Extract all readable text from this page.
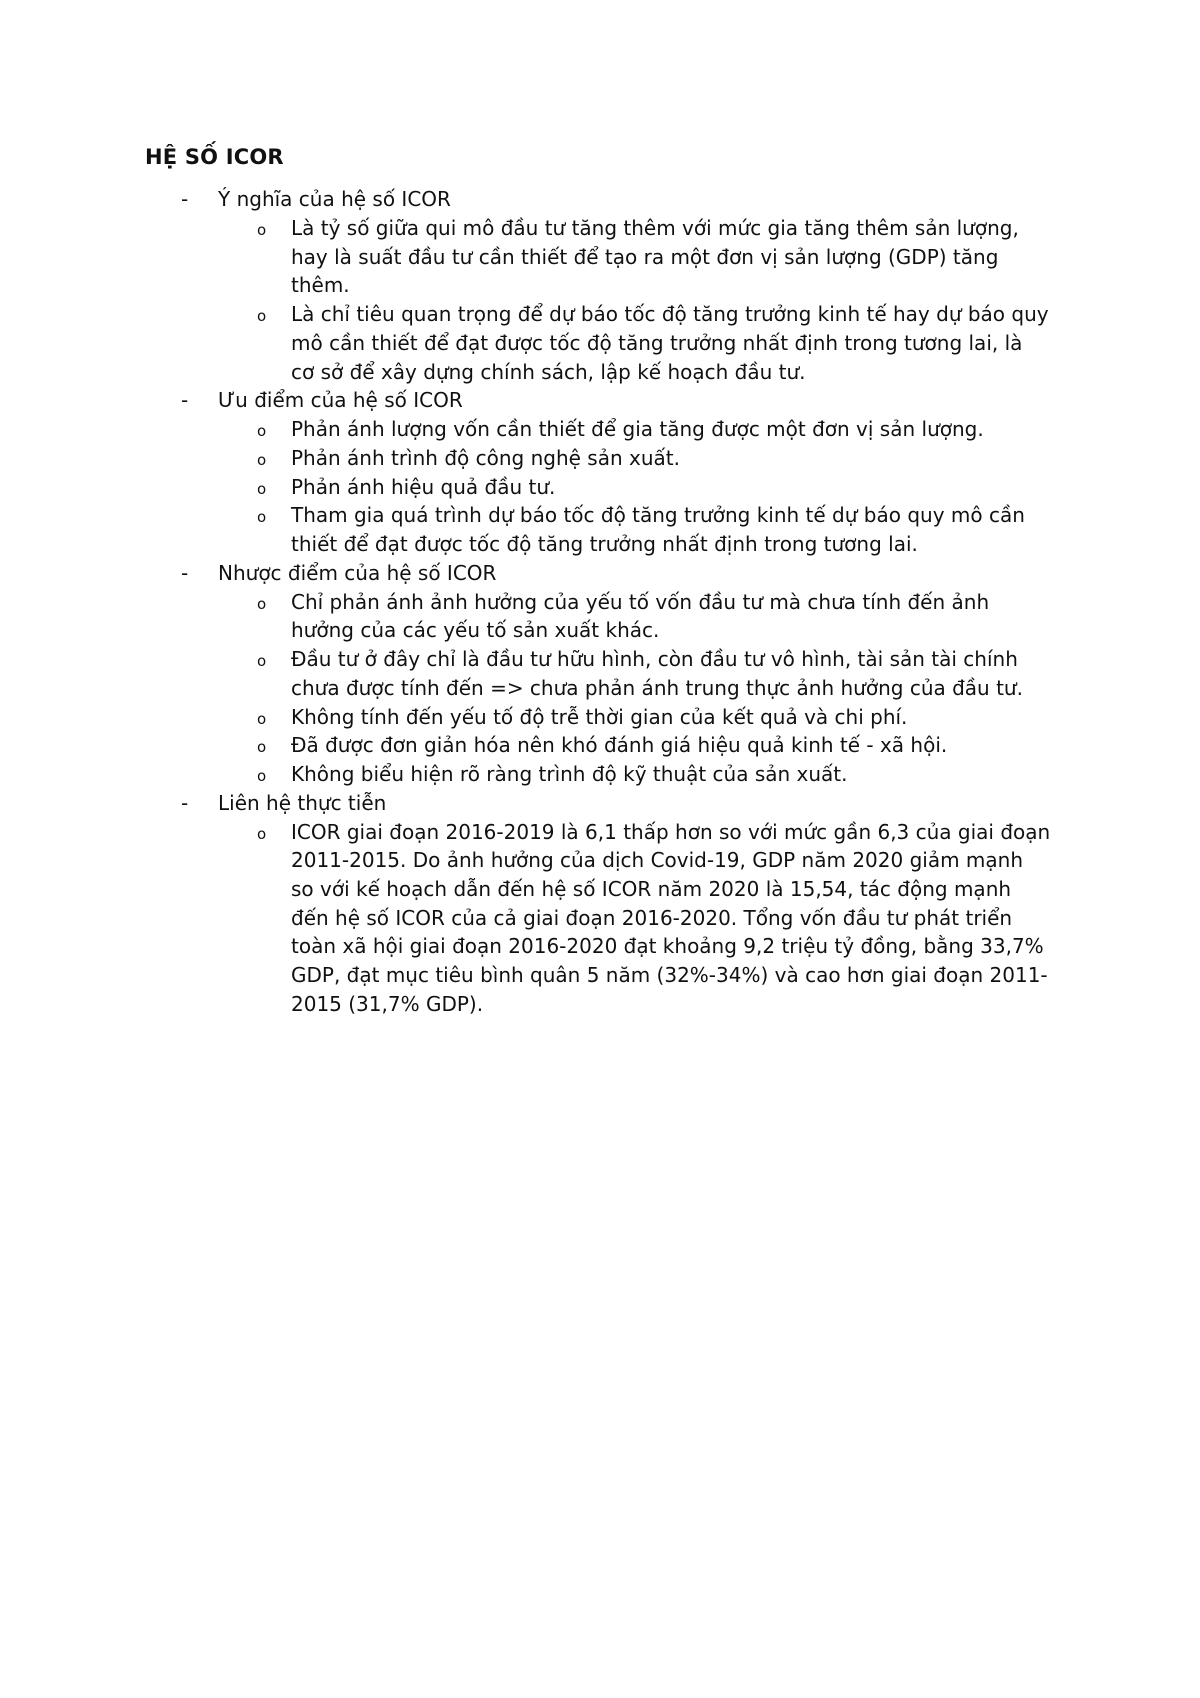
HỆ SỐ ICOR
- Ý nghĩa của hệ số ICOR
o Là tỷ số giữa qui mô đầu tư tăng thêm với mức gia tăng thêm sản lượng, hay là suất đầu tư cần thiết để tạo ra một đơn vị sản lượng (GDP) tăng thêm.
o Là chỉ tiêu quan trọng để dự báo tốc độ tăng trưởng kinh tế hay dự báo quy mô cần thiết để đạt được tốc độ tăng trưởng nhất định trong tương lai, là cơ sở để xây dựng chính sách, lập kế hoạch đầu tư.
- Ưu điểm của hệ số ICOR
o Phản ánh lượng vốn cần thiết để gia tăng được một đơn vị sản lượng.
o Phản ánh trình độ công nghệ sản xuất.
o Phản ánh hiệu quả đầu tư.
o Tham gia quá trình dự báo tốc độ tăng trưởng kinh tế dự báo quy mô cần thiết để đạt được tốc độ tăng trưởng nhất định trong tương lai.
- Nhược điểm của hệ số ICOR
o Chỉ phản ánh ảnh hưởng của yếu tố vốn đầu tư mà chưa tính đến ảnh hưởng của các yếu tố sản xuất khác.
o Đầu tư ở đây chỉ là đầu tư hữu hình, còn đầu tư vô hình, tài sản tài chính chưa được tính đến => chưa phản ánh trung thực ảnh hưởng của đầu tư.
o Không tính đến yếu tố độ trễ thời gian của kết quả và chi phí.
o Đã được đơn giản hóa nên khó đánh giá hiệu quả kinh tế - xã hội.
o Không biểu hiện rõ ràng trình độ kỹ thuật của sản xuất.
- Liên hệ thực tiễn
o ICOR giai đoạn 2016-2019 là 6,1 thấp hơn so với mức gần 6,3 của giai đoạn 2011-2015. Do ảnh hưởng của dịch Covid-19, GDP năm 2020 giảm mạnh so với kế hoạch dẫn đến hệ số ICOR năm 2020 là 15,54, tác động mạnh đến hệ số ICOR của cả giai đoạn 2016-2020. Tổng vốn đầu tư phát triển toàn xã hội giai đoạn 2016-2020 đạt khoảng 9,2 triệu tỷ đồng, bằng 33,7% GDP, đạt mục tiêu bình quân 5 năm (32%-34%) và cao hơn giai đoạn 2011-2015 (31,7% GDP).
